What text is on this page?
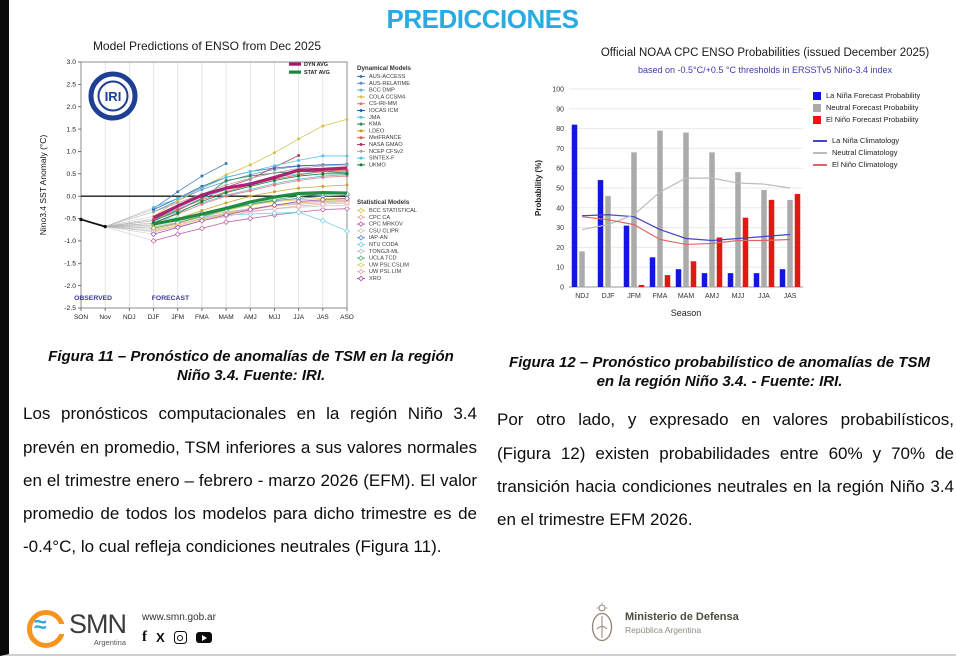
PREDICCIONES
Model Predictions of ENSO from Dec 2025
3.0
2.5
2.0
1.5
1.0
0.5
0.0
-0.5
-1.0
-1.5
-2.0
-2.5
SON Nov NDJ DJF JFM FMA MAM AMJ MJJ JJA JAS ASO
DYN AVG
STAT AVG
OBSERVED	FORECAST
Dynamical Models
AUS-ACCESS
AUS-RELATIME
BCC DMP
COLA CCSM4
CS-IRI-MM
IOCAS ICM
JMA
KMA
LDEO
MetFRANCE
NASA GMAO
NCEP CFSv2
SINTEX-F
UKMO
Statistical Models
BCC STATISTICAL
CPC CA
CPC MRKOV
CSU CLIPR
IAP-AN
NTU CODA
TONGJI-ML
UCLA TCD
UW PSL CSLIM
UW PSL LIM
XRO
IRI
Nino3.4 SST Anomaly (°C)

Figura 11 – Pronóstico de anomalías de TSM en la región
Niño 3.4. Fuente: IRI.

Los pronósticos computacionales en la región Niño 3.4 prevén en promedio, TSM inferiores a sus valores normales en el trimestre enero – febrero - marzo 2026 (EFM). El valor promedio de todos los modelos para dicho trimestre es de -0.4°C, lo cual refleja condiciones neutrales (Figura 11).

Official NOAA CPC ENSO Probabilities (issued December 2025)
based on -0.5°C/+0.5 °C thresholds in ERSSTv5 Niño-3.4 index
0
10
20
30
40
50
60
70
80
90
100
NDJ DJF JFM FMA MAM AMJ MJJ JJA JAS
Season
Probability (%)
La Niña Forecast Probability
Neutral Forecast Probability
El Niño Forecast Probability
La Niña Climatology
Neutral Climatology
El Niño Climatology

Figura 12 – Pronóstico probabilístico de anomalías de TSM
en la región Niño 3.4. - Fuente: IRI.

Por otro lado, y expresado en valores probabilísticos, (Figura 12) existen probabilidades entre 60% y 70% de transición hacia condiciones neutrales en la región Niño 3.4 en el trimestre EFM 2026.

≈ SMN
Argentina
www.smn.gob.ar
f X
Ministerio de Defensa
República Argentina
